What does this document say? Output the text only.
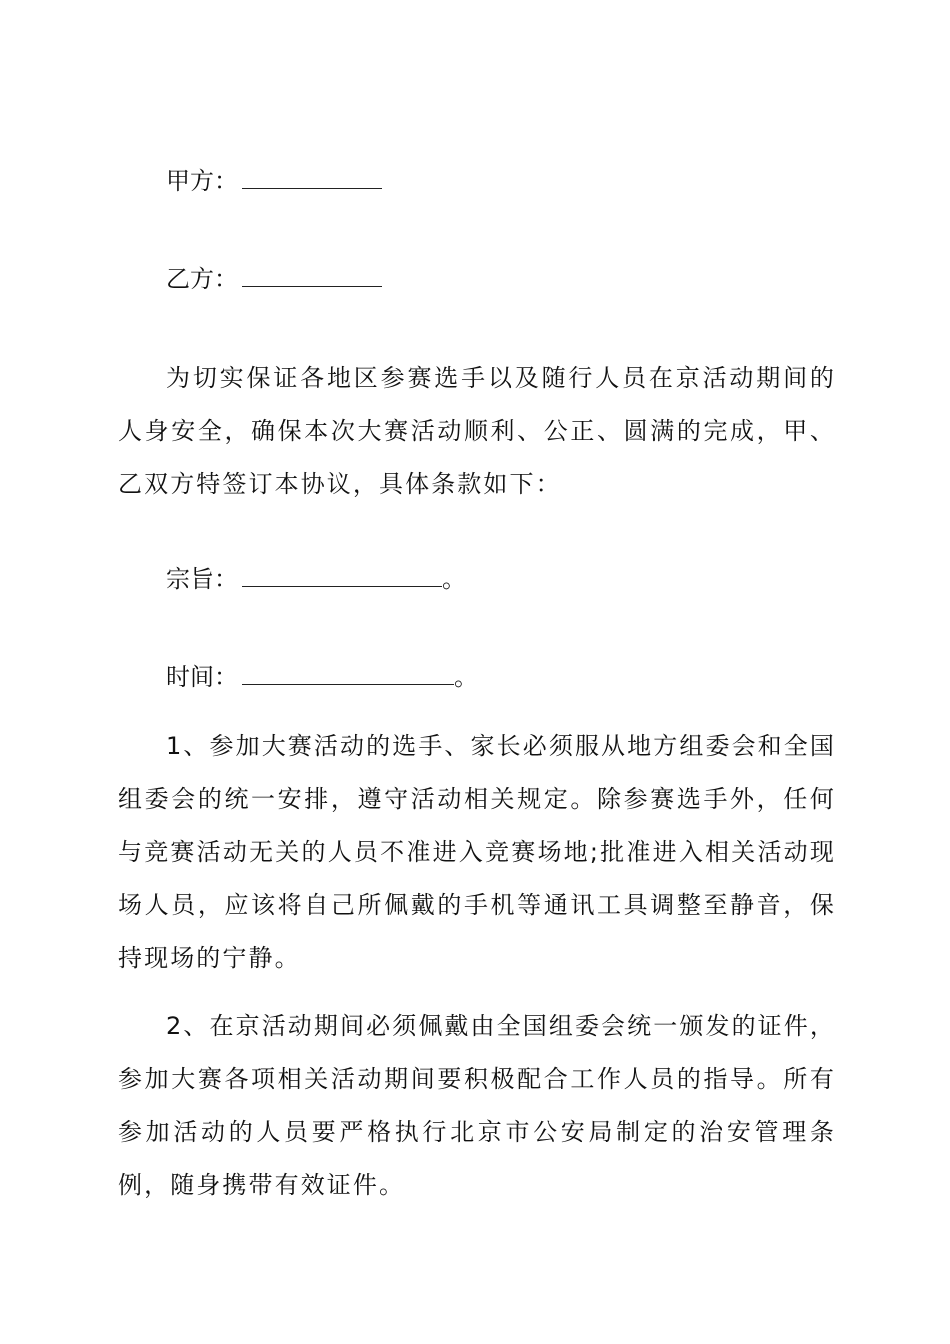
甲方：
乙方：
为切实保证各地区参赛选手以及随行人员在京活动期间的人身安全，确保本次大赛活动顺利、公正、圆满的完成，甲、乙双方特签订本协议，具体条款如下：
宗旨：	。
时间：	。
1、参加大赛活动的选手、家长必须服从地方组委会和全国组委会的统一安排，遵守活动相关规定。除参赛选手外，任何与竞赛活动无关的人员不准进入竞赛场地;批准进入相关活动现场人员，应该将自己所佩戴的手机等通讯工具调整至静音，保持现场的宁静。
2、在京活动期间必须佩戴由全国组委会统一颁发的证件，参加大赛各项相关活动期间要积极配合工作人员的指导。所有参加活动的人员要严格执行北京市公安局制定的治安管理条例，随身携带有效证件。
